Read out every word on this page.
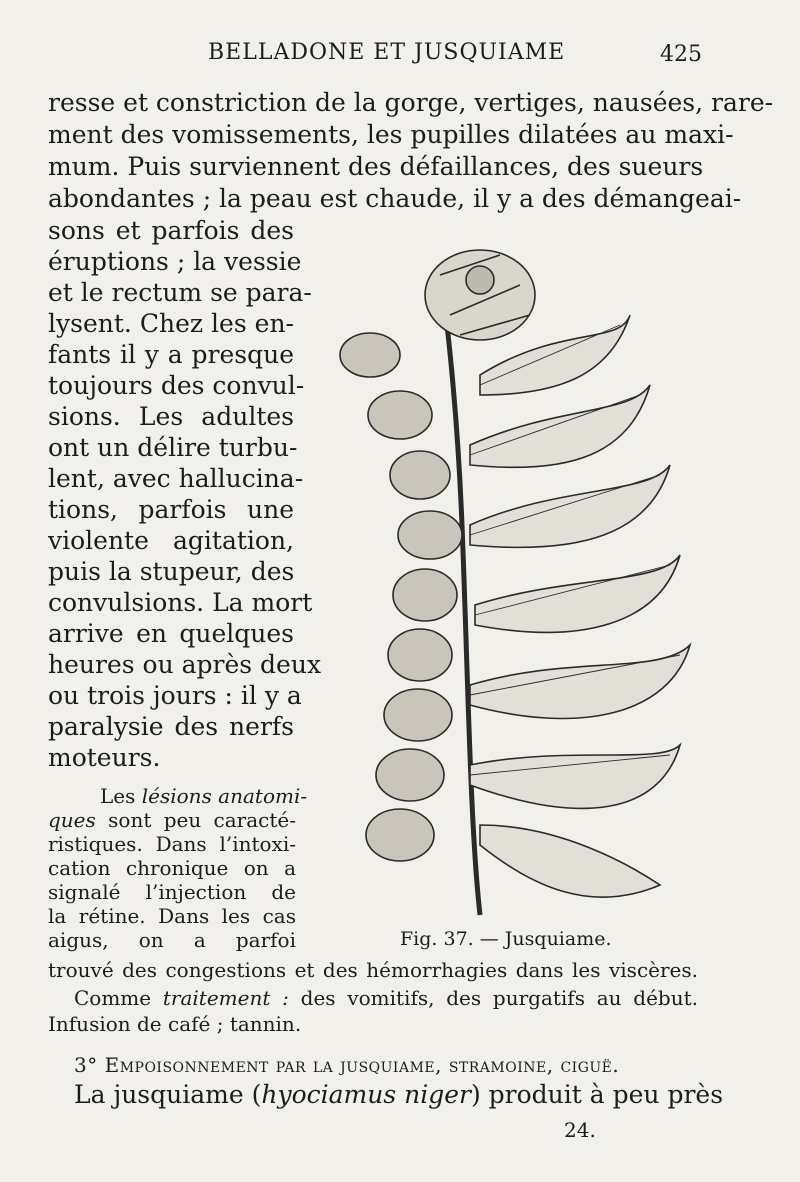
BELLADONE ET JUSQUIAME	425
resse et constriction de la gorge, vertiges, nausées, rare-
ment des vomissements, les pupilles dilatées au maxi-
mum. Puis surviennent des défaillances, des sueurs
abondantes ; la peau est chaude, il y a des démangeai-
sons et parfois des
éruptions ; la vessie
et le rectum se para-
lysent. Chez les en-
fants il y a presque
toujours des convul-
sions. Les adultes
ont un délire turbu-
lent, avec hallucina-
tions, parfois une
violente agitation,
puis la stupeur, des
convulsions. La mort
arrive en quelques
heures ou après deux
ou trois jours : il y a
paralysie des nerfs
moteurs.
Les lésions anatomi-
ques sont peu caracté-
ristiques. Dans l’intoxi-
cation chronique on a
signalé l’injection de
la rétine. Dans les cas
aigus, on a parfoi
trouvé des congestions et des hémorrhagies dans les viscères.
Comme traitement : des vomitifs, des purgatifs au début.
Infusion de café ; tannin.
3° Empoisonnement par la jusquiame, stramoine, ciguë.
La jusquiame (hyociamus niger) produit à peu près
24.
Fig. 37. — Jusquiame.
